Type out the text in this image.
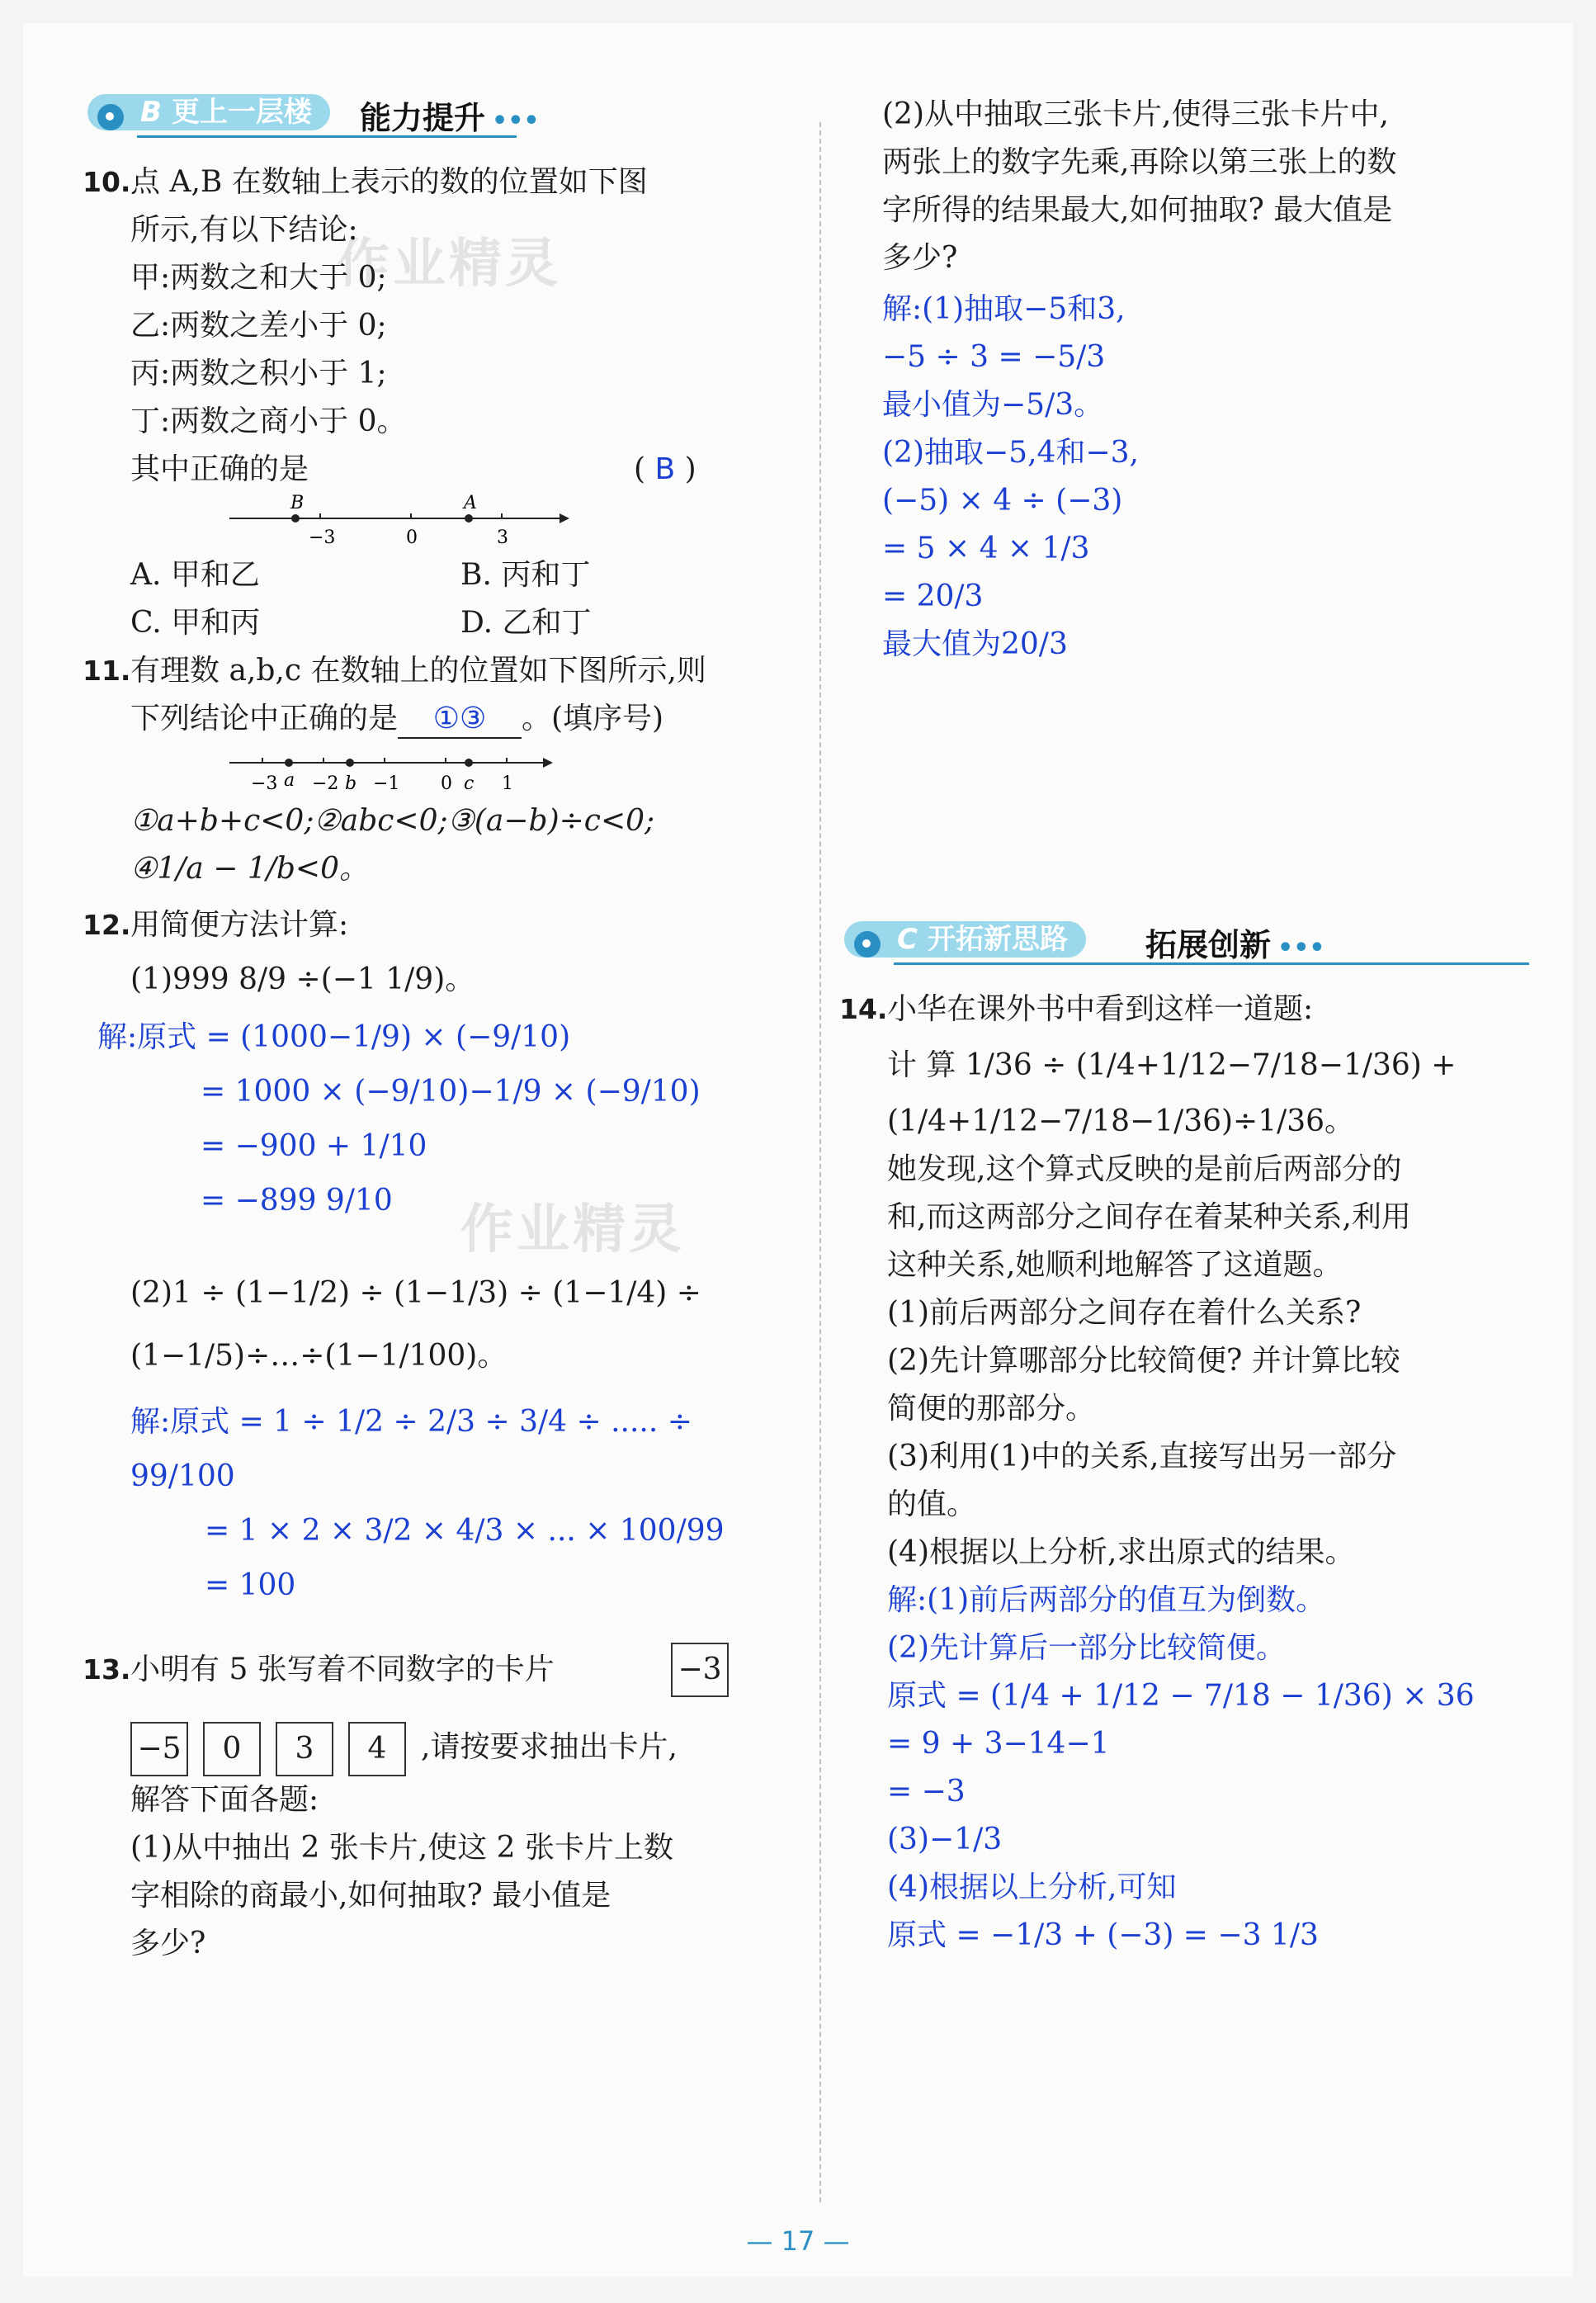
作业精灵
作业精灵
B 更上一层楼	能力提升 •••
10. 点 A,B 在数轴上表示的数的位置如下图

所示,有以下结论:

甲:两数之和大于 0;

乙:两数之差小于 0;

丙:两数之积小于 1;

丁:两数之商小于 0。

其中正确的是	( B )

B	A
−3	0	3
A. 甲和乙	B. 丙和丁
C. 甲和丙	D. 乙和丁
11. 有理数 a,b,c 在数轴上的位置如下图所示,则

下列结论中正确的是 ①③ 。(填序号)

−3 a −2 b −1 0 c 1

①a+b+c<0;②abc<0;③(a−b)÷c<0;

④1/a − 1/b<0。

12. 用简便方法计算:

(1)999 8/9 ÷(−1 1/9)。

解:原式 = (1000−1/9) × (−9/10)

= 1000 × (−9/10)−1/9 × (−9/10)

= −900 + 1/10

= −899 9/10

(2)1 ÷ (1−1/2) ÷ (1−1/3) ÷ (1−1/4) ÷

(1−1/5)÷…÷(1−1/100)。

解:原式 = 1 ÷ 1/2 ÷ 2/3 ÷ 3/4 ÷ ..... ÷ 99/100

= 1 × 2 × 3/2 × 4/3 × ... × 100/99

= 100

13. 小明有 5 张写着不同数字的卡片	−3

−5 0 3 4 ,请按要求抽出卡片,

解答下面各题:

(1)从中抽出 2 张卡片,使这 2 张卡片上数

字相除的商最小,如何抽取? 最小值是

多少?

(2)从中抽取三张卡片,使得三张卡片中,

两张上的数字先乘,再除以第三张上的数

字所得的结果最大,如何抽取? 最大值是

多少?

解:(1)抽取−5和3,

−5 ÷ 3 = −5/3

最小值为−5/3。

(2)抽取−5,4和−3,

(−5) × 4 ÷ (−3)

= 5 × 4 × 1/3

= 20/3

最大值为20/3

C 开拓新思路	拓展创新 •••
14. 小华在课外书中看到这样一道题:

计 算 1/36 ÷ (1/4+1/12−7/18−1/36) +

(1/4+1/12−7/18−1/36)÷1/36。

她发现,这个算式反映的是前后两部分的

和,而这两部分之间存在着某种关系,利用

这种关系,她顺利地解答了这道题。

(1)前后两部分之间存在着什么关系?

(2)先计算哪部分比较简便? 并计算比较

简便的那部分。

(3)利用(1)中的关系,直接写出另一部分

的值。

(4)根据以上分析,求出原式的结果。

解:(1)前后两部分的值互为倒数。

(2)先计算后一部分比较简便。

原式 = (1/4 + 1/12 − 7/18 − 1/36) × 36

= 9 + 3−14−1

= −3

(3)−1/3

(4)根据以上分析,可知

原式 = −1/3 + (−3) = −3 1/3

— 17 —
